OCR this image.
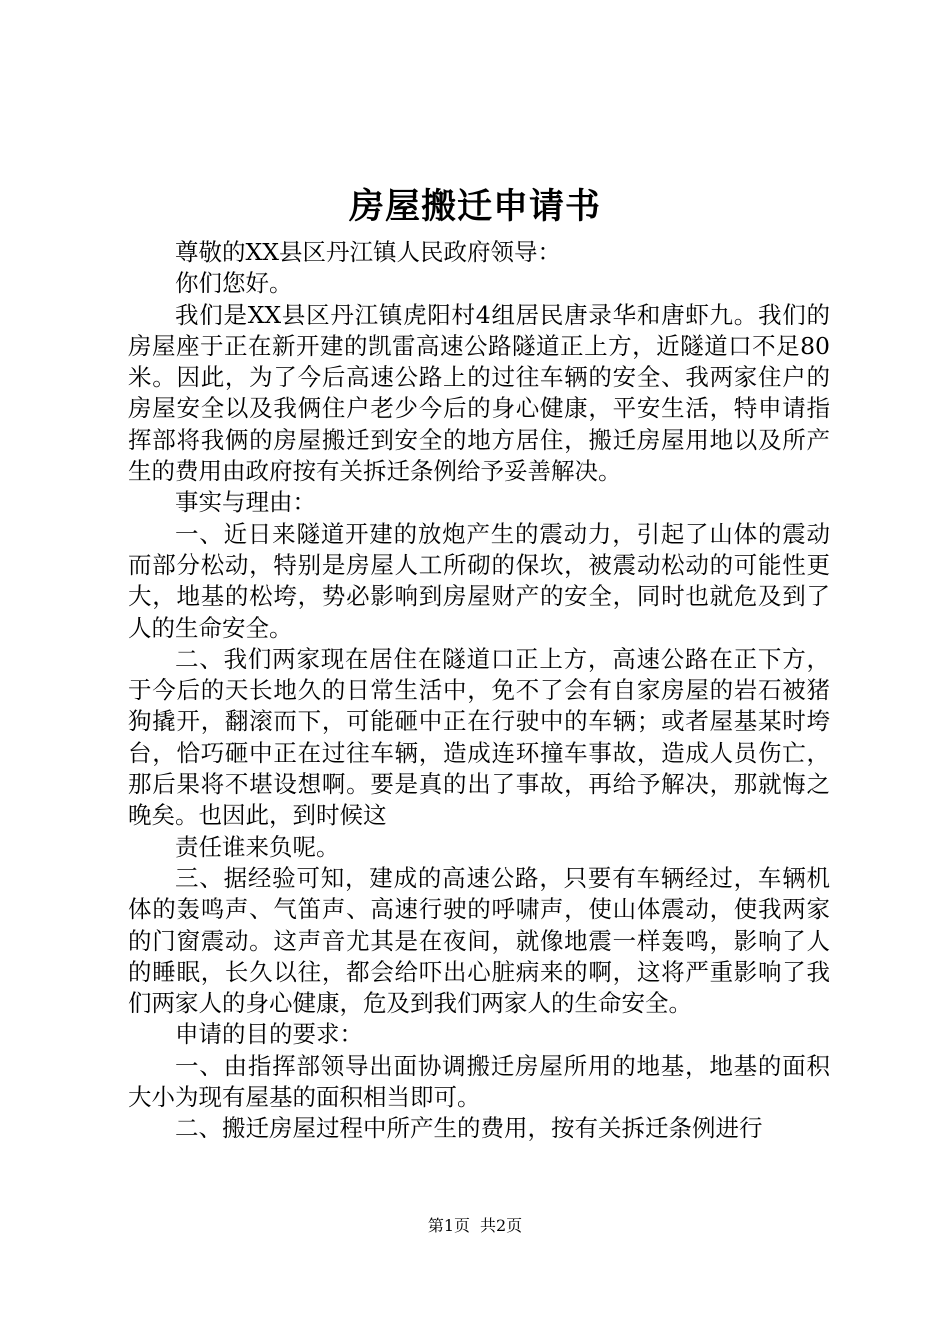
房屋搬迁申请书

尊敬的XX县区丹江镇人民政府领导：

你们您好。

我们是XX县区丹江镇虎阳村4组居民唐录华和唐虾九。我们的房屋座于正在新开建的凯雷高速公路隧道正上方，近隧道口不足80米。因此，为了今后高速公路上的过往车辆的安全、我两家住户的房屋安全以及我俩住户老少今后的身心健康，平安生活，特申请指挥部将我俩的房屋搬迁到安全的地方居住，搬迁房屋用地以及所产生的费用由政府按有关拆迁条例给予妥善解决。

事实与理由：

一、近日来隧道开建的放炮产生的震动力，引起了山体的震动而部分松动，特别是房屋人工所砌的保坎，被震动松动的可能性更大，地基的松垮，势必影响到房屋财产的安全，同时也就危及到了人的生命安全。

二、我们两家现在居住在隧道口正上方，高速公路在正下方，于今后的天长地久的日常生活中，免不了会有自家房屋的岩石被猪狗撬开，翻滚而下，可能砸中正在行驶中的车辆；或者屋基某时垮台，恰巧砸中正在过往车辆，造成连环撞车事故，造成人员伤亡，那后果将不堪设想啊。要是真的出了事故，再给予解决，那就悔之晚矣。也因此，到时候这

责任谁来负呢。

三、据经验可知，建成的高速公路，只要有车辆经过，车辆机体的轰鸣声、气笛声、高速行驶的呼啸声，使山体震动，使我两家的门窗震动。这声音尤其是在夜间，就像地震一样轰鸣，影响了人的睡眠，长久以往，都会给吓出心脏病来的啊，这将严重影响了我们两家人的身心健康，危及到我们两家人的生命安全。

申请的目的要求：

一、由指挥部领导出面协调搬迁房屋所用的地基，地基的面积大小为现有屋基的面积相当即可。

二、搬迁房屋过程中所产生的费用，按有关拆迁条例进行

第1页 共2页
